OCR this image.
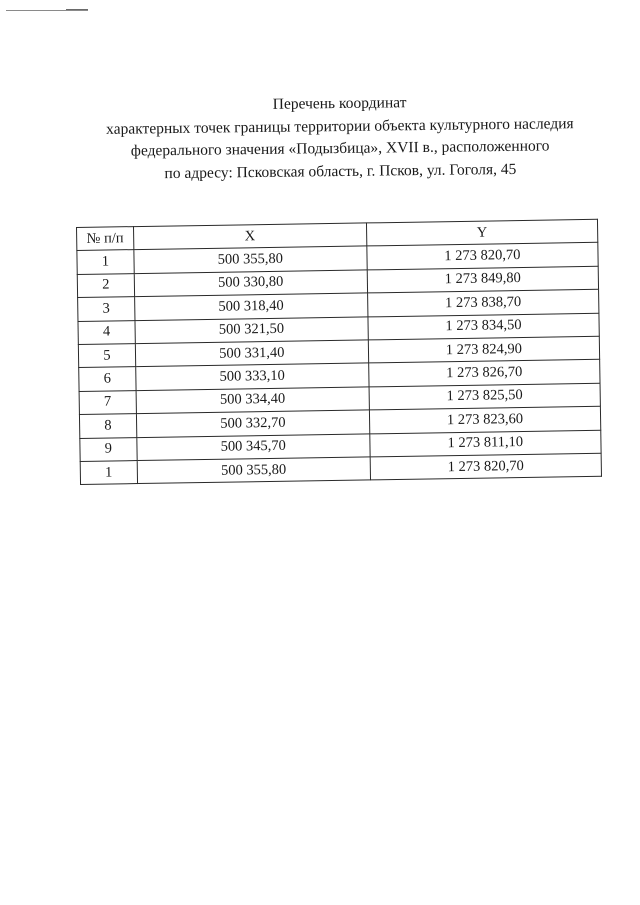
Перечень координат
характерных точек границы территории объекта культурного наследия
федерального значения «Подызбица», XVII в., расположенного
по адресу: Псковская область, г. Псков, ул. Гоголя, 45
№ п/п	X	Y
1	500 355,80	1 273 820,70
2	500 330,80	1 273 849,80
3	500 318,40	1 273 838,70
4	500 321,50	1 273 834,50
5	500 331,40	1 273 824,90
6	500 333,10	1 273 826,70
7	500 334,40	1 273 825,50
8	500 332,70	1 273 823,60
9	500 345,70	1 273 811,10
1	500 355,80	1 273 820,70
